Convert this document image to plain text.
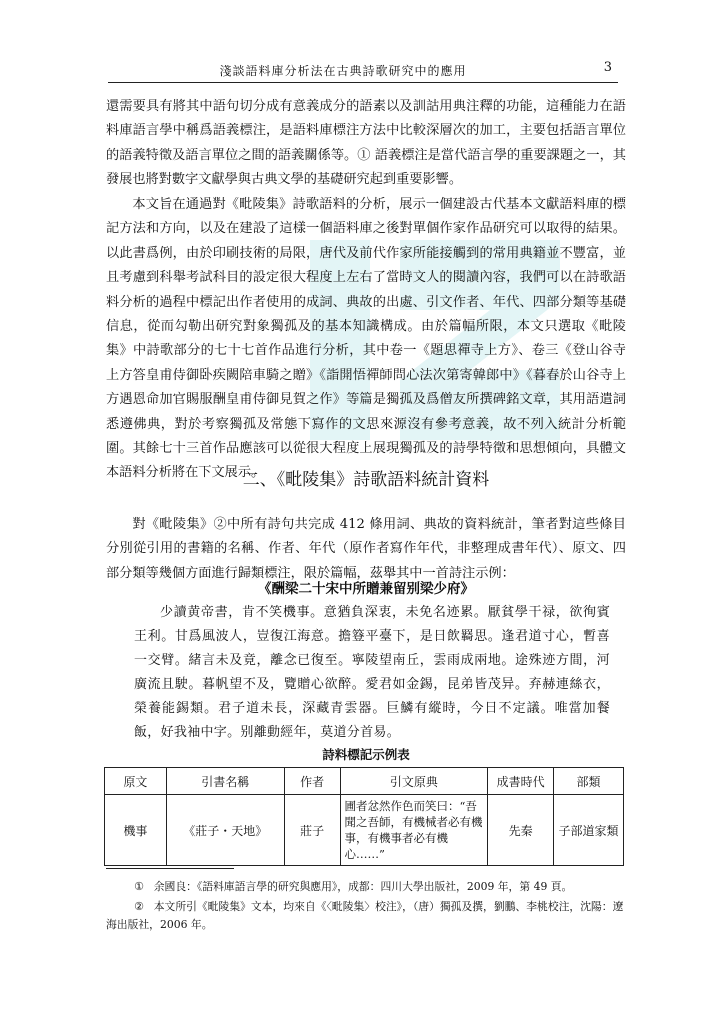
淺談語料庫分析法在古典詩歌研究中的應用	3

還需要具有將其中語句切分成有意義成分的語素以及訓詁用典注釋的功能，這種能力在語料庫語言學中稱爲語義標注，是語料庫標注方法中比較深層次的加工，主要包括語言單位的語義特徵及語言單位之間的語義關係等。① 語義標注是當代語言學的重要課題之一，其發展也將對數字文獻學與古典文學的基礎研究起到重要影響。

本文旨在通過對《毗陵集》詩歌語料的分析，展示一個建設古代基本文獻語料庫的標記方法和方向，以及在建設了這樣一個語料庫之後對單個作家作品研究可以取得的結果。以此書爲例，由於印刷技術的局限，唐代及前代作家所能接觸到的常用典籍並不豐富，並且考慮到科舉考試科目的設定很大程度上左右了當時文人的閱讀內容，我們可以在詩歌語料分析的過程中標記出作者使用的成詞、典故的出處、引文作者、年代、四部分類等基礎信息，從而勾勒出研究對象獨孤及的基本知識構成。由於篇幅所限，本文只選取《毗陵集》中詩歌部分的七十七首作品進行分析，其中卷一《題思禪寺上方》、卷三《登山谷寺上方答皇甫侍御卧疾闕陪車騎之贈》《詣開悟禪師問心法次第寄韓郎中》《暮春於山谷寺上方遇恩命加官賜服酬皇甫侍御見賀之作》等篇是獨孤及爲僧友所撰碑銘文章，其用語遣詞悉遵佛典，對於考察獨孤及常態下寫作的文思來源沒有參考意義，故不列入統計分析範圍。其餘七十三首作品應該可以從很大程度上展現獨孤及的詩學特徵和思想傾向，具體文本語料分析將在下文展示。

二、《毗陵集》詩歌語料統計資料

對《毗陵集》②中所有詩句共完成 412 條用詞、典故的資料統計，筆者對這些條目分別從引用的書籍的名稱、作者、年代（原作者寫作年代，非整理成書年代）、原文、四部分類等幾個方面進行歸類標注，限於篇幅，茲舉其中一首詩注示例：

《酬梁二十宋中所贈兼留别梁少府》

少讀黄帝書，肯不笑機事。意猶負深衷，未免名迹累。厭貧學干禄，欲徇賓王利。甘爲風波人，豈復江海意。擔簦平臺下，是日飲羇思。逢君道寸心，暫喜一交臂。緒言未及竟，離念已復至。寧陵望南丘，雲雨成兩地。途殊迹方間，河廣流且駛。暮帆望不及，覽贈心欲醉。愛君如金錫，昆弟皆茂异。弃赫連絲衣，榮養能錫類。君子道未長，深藏青雲器。巨鱗有縱時，今日不定議。唯當加餐飯，好我袖中字。别離動經年，莫道分首易。

詩料標記示例表
原文	引書名稱	作者	引文原典	成書時代	部類
機事	《莊子・天地》	莊子	圃者忿然作色而笑曰：“吾聞之吾師，有機械者必有機事，有機事者必有機心……”	先秦	子部道家類

① 余國良：《語料庫語言學的研究與應用》，成都：四川大學出版社，2009 年，第 49 頁。

② 本文所引《毗陵集》文本，均來自《〈毗陵集〉校注》，（唐）獨孤及撰，劉鵬、李桃校注，沈陽：遼海出版社，2006 年。
